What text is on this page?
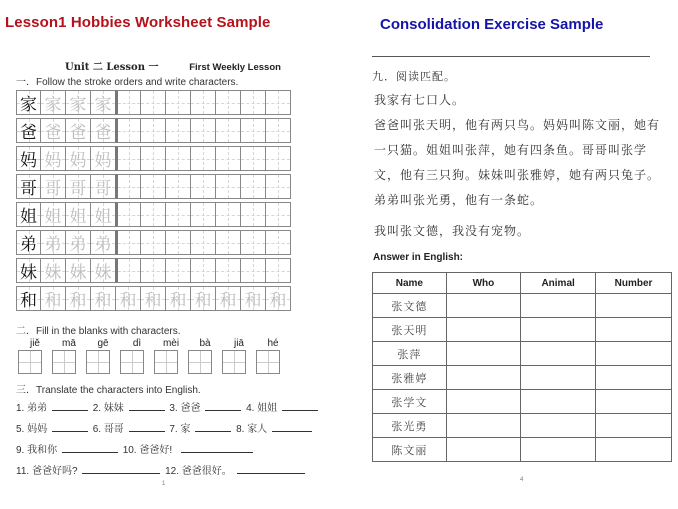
Lesson1 Hobbies Worksheet Sample
Unit 二 Lesson 一	First Weekly Lesson
一．Follow the stroke orders and write characters.
家 家 家 家
爸 爸 爸 爸
妈 妈 妈 妈
哥 哥 哥 哥
姐 姐 姐 姐
弟 弟 弟 弟
妹 妹 妹 妹
和 和 和 和 和 和 和 和 和 和 和
二．Fill in the blanks with characters.
jiě	mā	gē	dì	mèi	bà	jiā	hé
三．Translate the characters into English.
1. 弟弟	2. 妹妹	3. 爸爸	4. 姐姐
5. 妈妈	6. 哥哥	7. 家	8. 家人
9. 我和你	10. 爸爸好!
11. 爸爸好吗?	12. 爸爸很好。
1
Consolidation Exercise Sample
九．阅读匹配。
我家有七口人。
爸爸叫张天明，他有两只鸟。妈妈叫陈文丽，她有
一只猫。姐姐叫张萍，她有四条鱼。哥哥叫张学
文，他有三只狗。妹妹叫张雅婷，她有两只兔子。
弟弟叫张光勇，他有一条蛇。
我叫张文德，我没有宠物。
Answer in English:
Name	Who	Animal	Number
张文德			
张天明			
张萍			
张雅婷			
张学文			
张光勇			
陈文丽			
4
